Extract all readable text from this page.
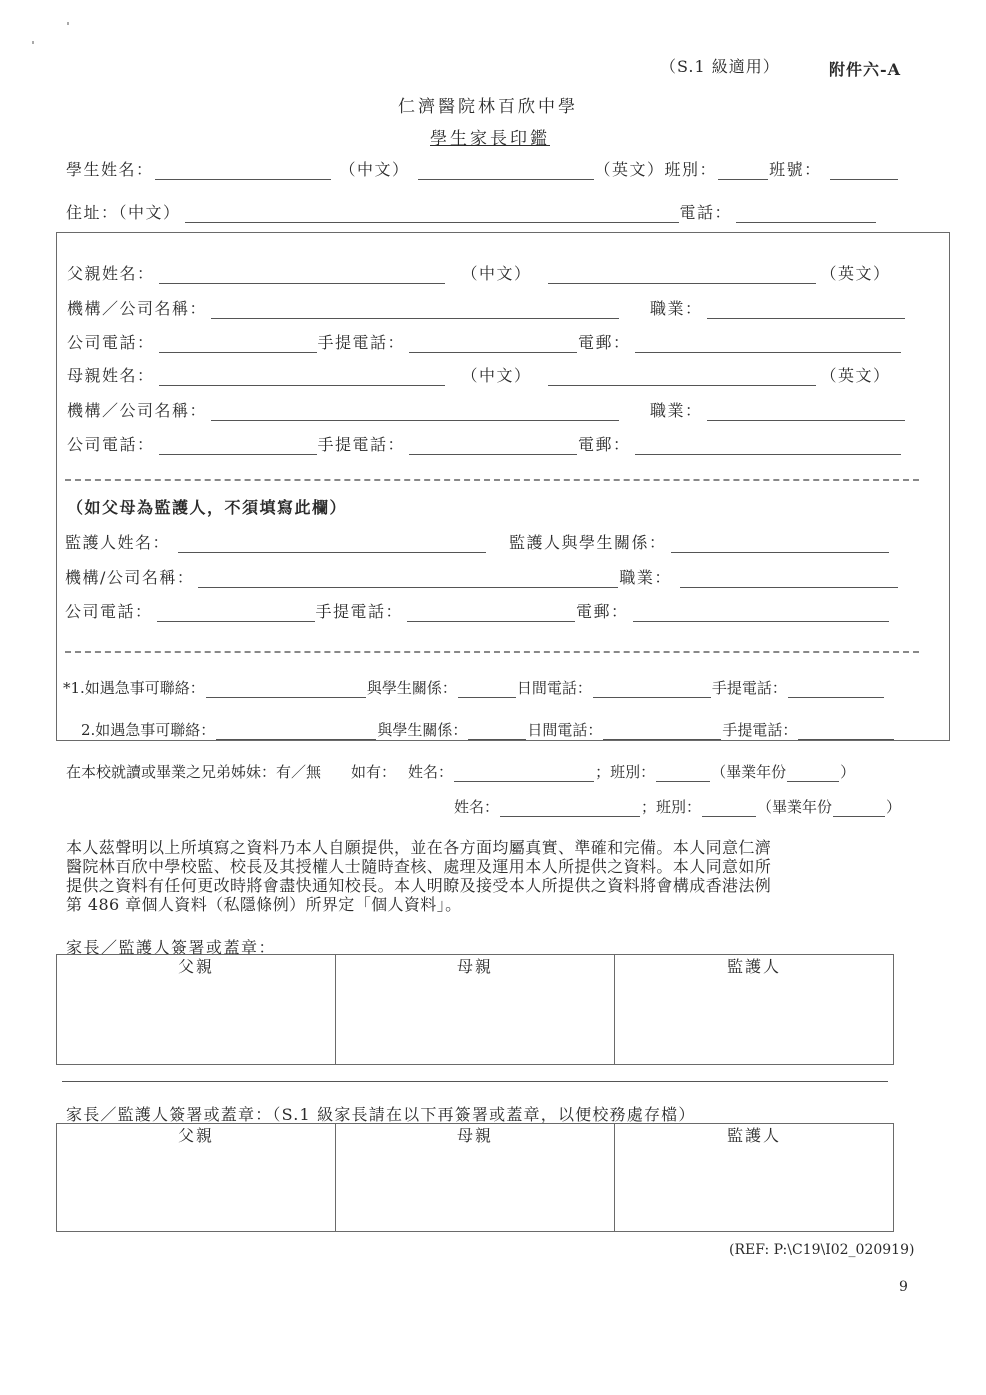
（S.1 級適用）	附件六-A
仁濟醫院林百欣中學
學生家長印鑑
學生姓名：	（中文）	（英文） 班別：	班號：
住址：（中文）	電話：
父親姓名：	（中文）	（英文）
機構／公司名稱：	職業：
公司電話：	手提電話：	電郵：
母親姓名：	（中文）	（英文）
機構／公司名稱：	職業：
公司電話：	手提電話：	電郵：
（如父母為監護人，不須填寫此欄）
監護人姓名：	監護人與學生關係：
機構/公司名稱：	職業：
公司電話：	手提電話：	電郵：
*1.如遇急事可聯絡：	與學生關係：	日間電話：	手提電話：
2.如遇急事可聯絡：	與學生關係：	日間電話：	手提電話：
在本校就讀或畢業之兄弟姊妹： 有／無 如有： 姓名：	；班別：	（畢業年份	）
姓名：	；班別：	（畢業年份	）
本人茲聲明以上所填寫之資料乃本人自願提供，並在各方面均屬真實、準確和完備。本人同意仁濟
醫院林百欣中學校監、校長及其授權人士隨時查核、處理及運用本人所提供之資料。本人同意如所
提供之資料有任何更改時將會盡快通知校長。本人明瞭及接受本人所提供之資料將會構成香港法例
第 486 章個人資料（私隱條例）所界定「個人資料」。
家長／監護人簽署或蓋章：
父親	母親	監護人
家長／監護人簽署或蓋章：（S.1 級家長請在以下再簽署或蓋章，以便校務處存檔）
父親	母親	監護人
(REF: P:\C19\I02_020919)
9
